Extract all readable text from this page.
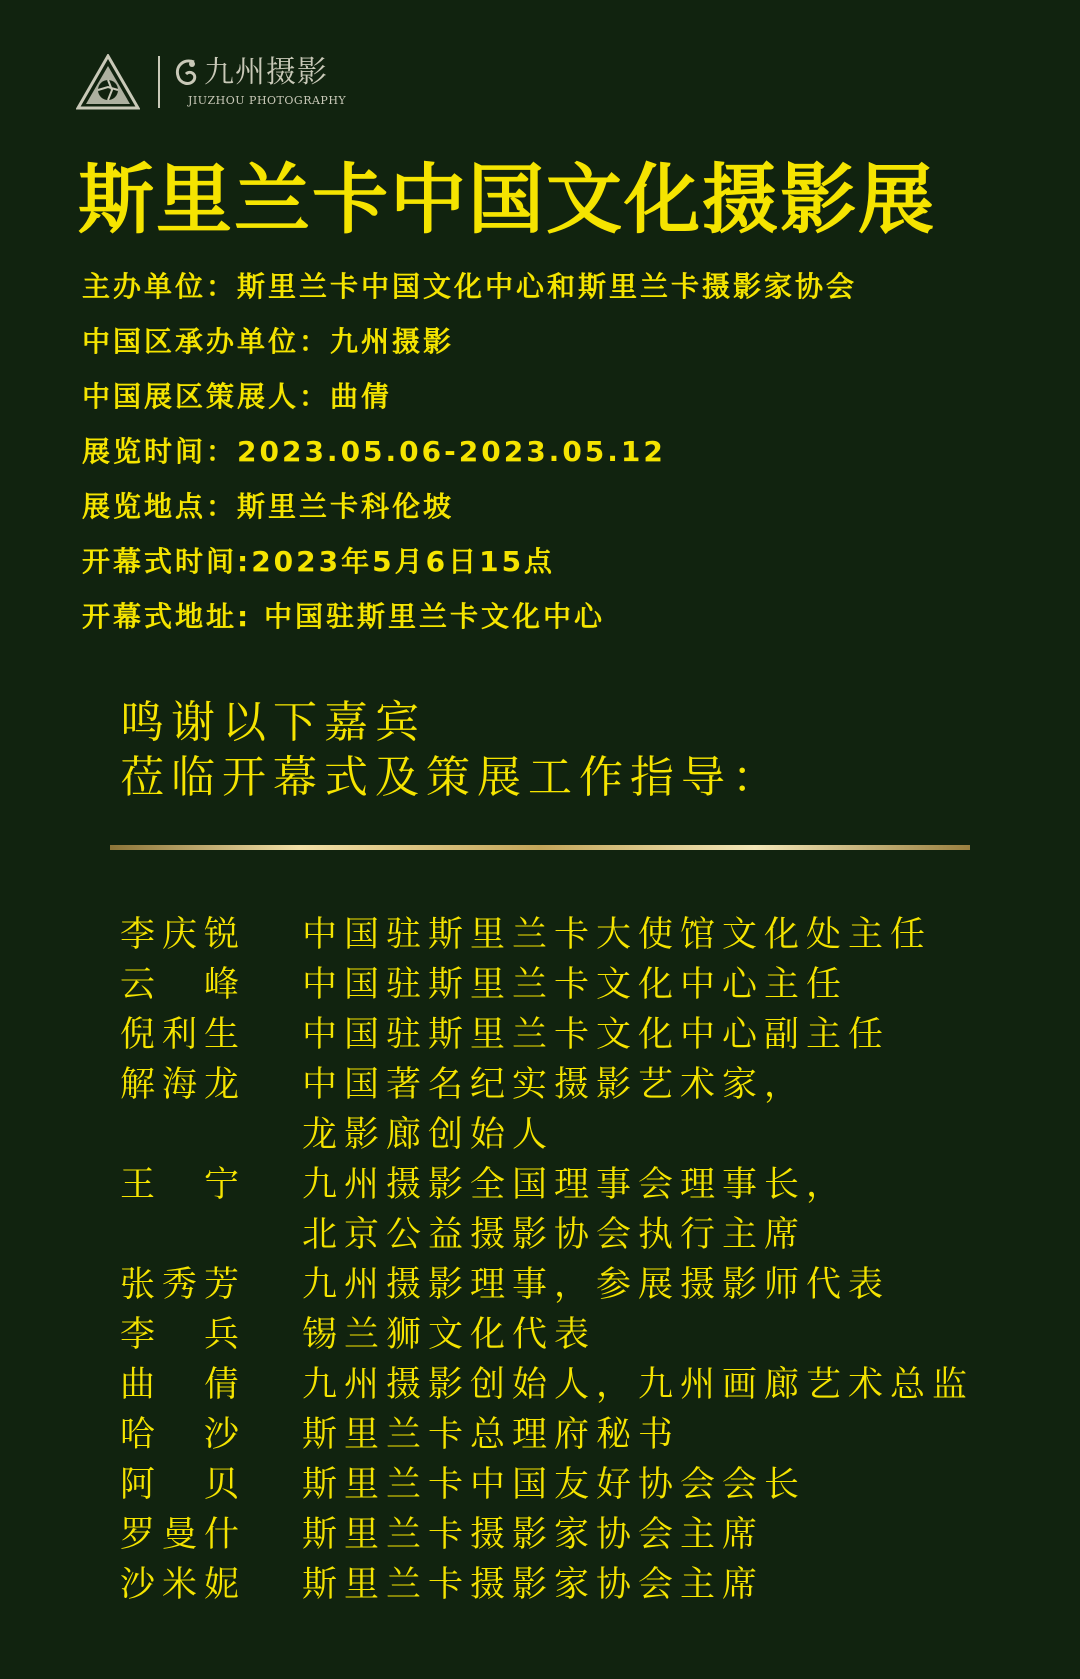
九州摄影
JIUZHOU PHOTOGRAPHY
斯里兰卡中国文化摄影展
主办单位：斯里兰卡中国文化中心和斯里兰卡摄影家协会
中国区承办单位：九州摄影
中国展区策展人：曲倩
展览时间：2023.05.06-2023.05.12
展览地点：斯里兰卡科伦坡
开幕式时间:2023年5月6日15点
开幕式地址: 中国驻斯里兰卡文化中心
鸣谢以下嘉宾
莅临开幕式及策展工作指导：
李庆锐	中国驻斯里兰卡大使馆文化处主任
云　峰	中国驻斯里兰卡文化中心主任
倪利生	中国驻斯里兰卡文化中心副主任
解海龙	中国著名纪实摄影艺术家，
龙影廊创始人
王　宁	九州摄影全国理事会理事长，
北京公益摄影协会执行主席
张秀芳	九州摄影理事，参展摄影师代表
李　兵	锡兰狮文化代表
曲　倩	九州摄影创始人，九州画廊艺术总监
哈　沙	斯里兰卡总理府秘书
阿　贝	斯里兰卡中国友好协会会长
罗曼什	斯里兰卡摄影家协会主席
沙米妮	斯里兰卡摄影家协会主席
